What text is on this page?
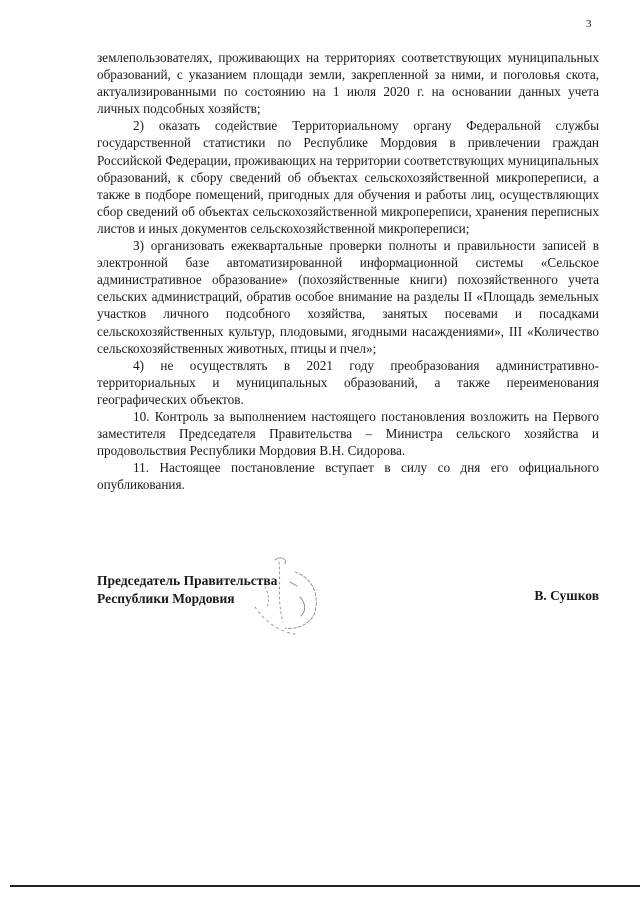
3

землепользователях, проживающих на территориях соответствующих муниципальных образований, с указанием площади земли, закрепленной за ними, и поголовья скота, актуализированными по состоянию на 1 июля 2020 г. на основании данных учета личных подсобных хозяйств;

2) оказать содействие Территориальному органу Федеральной службы государственной статистики по Республике Мордовия в привлечении граждан Российской Федерации, проживающих на территории соответствующих муниципальных образований, к сбору сведений об объектах сельскохозяйственной микропереписи, а также в подборе помещений, пригодных для обучения и работы лиц, осуществляющих сбор сведений об объектах сельскохозяйственной микропереписи, хранения переписных листов и иных документов сельскохозяйственной микропереписи;

3) организовать ежеквартальные проверки полноты и правильности записей в электронной базе автоматизированной информационной системы «Сельское административное образование» (похозяйственные книги) похозяйственного учета сельских администраций, обратив особое внимание на разделы II «Площадь земельных участков личного подсобного хозяйства, занятых посевами и посадками сельскохозяйственных культур, плодовыми, ягодными насаждениями», III «Количество сельскохозяйственных животных, птицы и пчел»;

4) не осуществлять в 2021 году преобразования административно-территориальных и муниципальных образований, а также переименования географических объектов.

10. Контроль за выполнением настоящего постановления возложить на Первого заместителя Председателя Правительства – Министра сельского хозяйства и продовольствия Республики Мордовия В.Н. Сидорова.

11. Настоящее постановление вступает в силу со дня его официального опубликования.

Председатель Правительства
Республики Мордовия	В. Сушков
